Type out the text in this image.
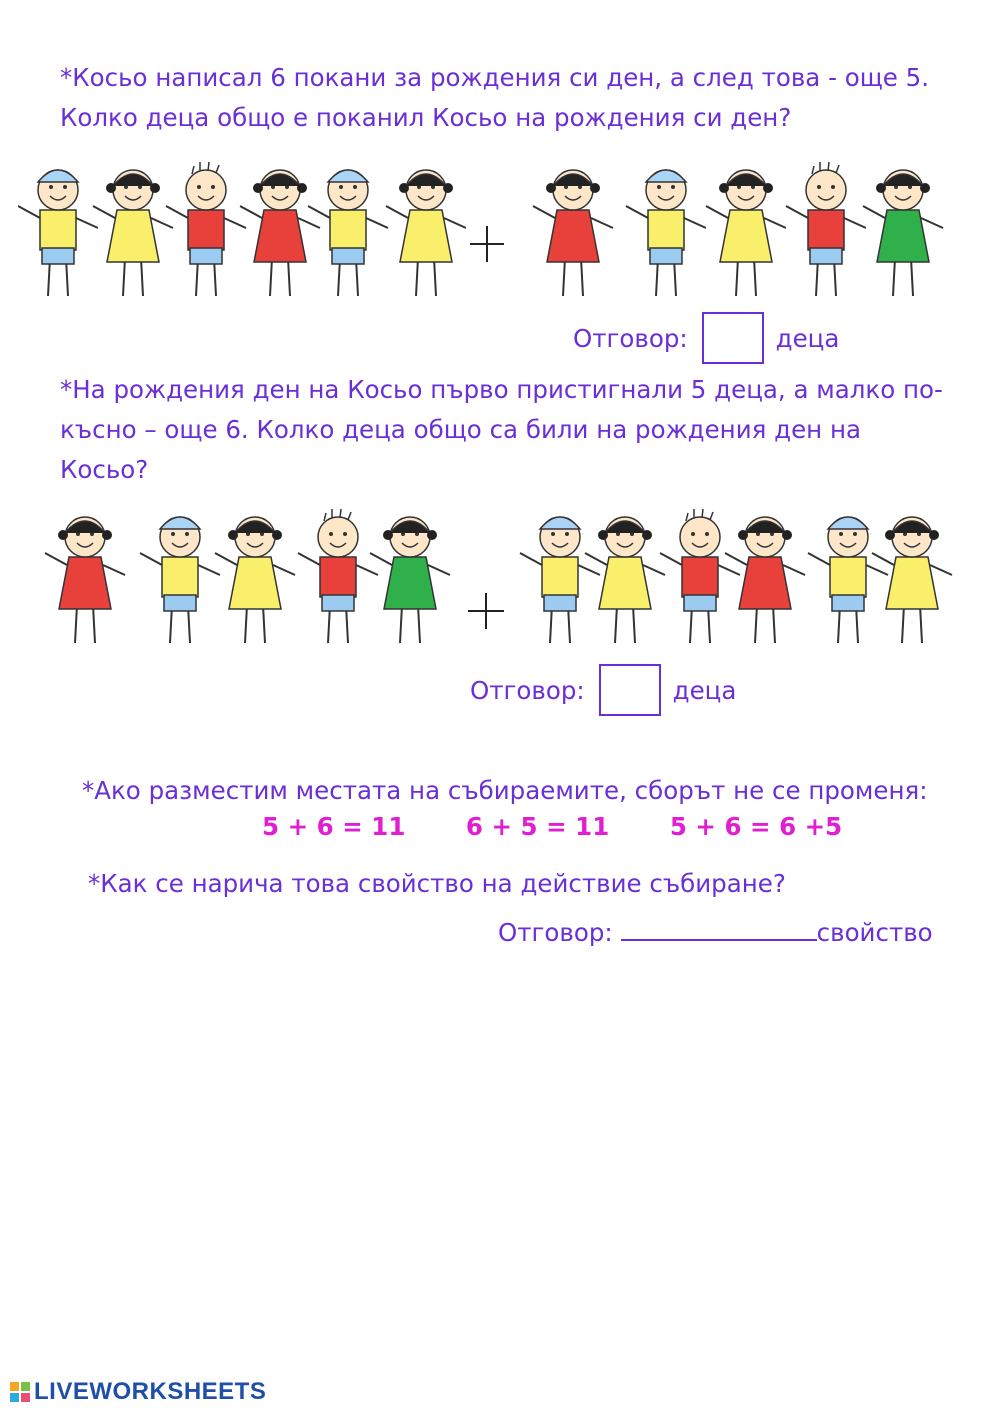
*Косьо написал 6 покани за рождения си ден, а след това - още 5.
Колко деца общо е поканил Косьо на рождения си ден?
Отговор:	деца
*На рождения ден на Косьо първо пристигнали 5 деца, а малко по-
късно – още 6. Колко деца общо са били на рождения ден на
Косьо?
Отговор:	деца
*Ако разместим местата на събираемите, сборът не се променя:
5 + 6 = 11 6 + 5 = 11 5 + 6 = 6 +5
*Как се нарича това свойство на действие събиране?
Отговор:	свойство
LIVEWORKSHEETS
